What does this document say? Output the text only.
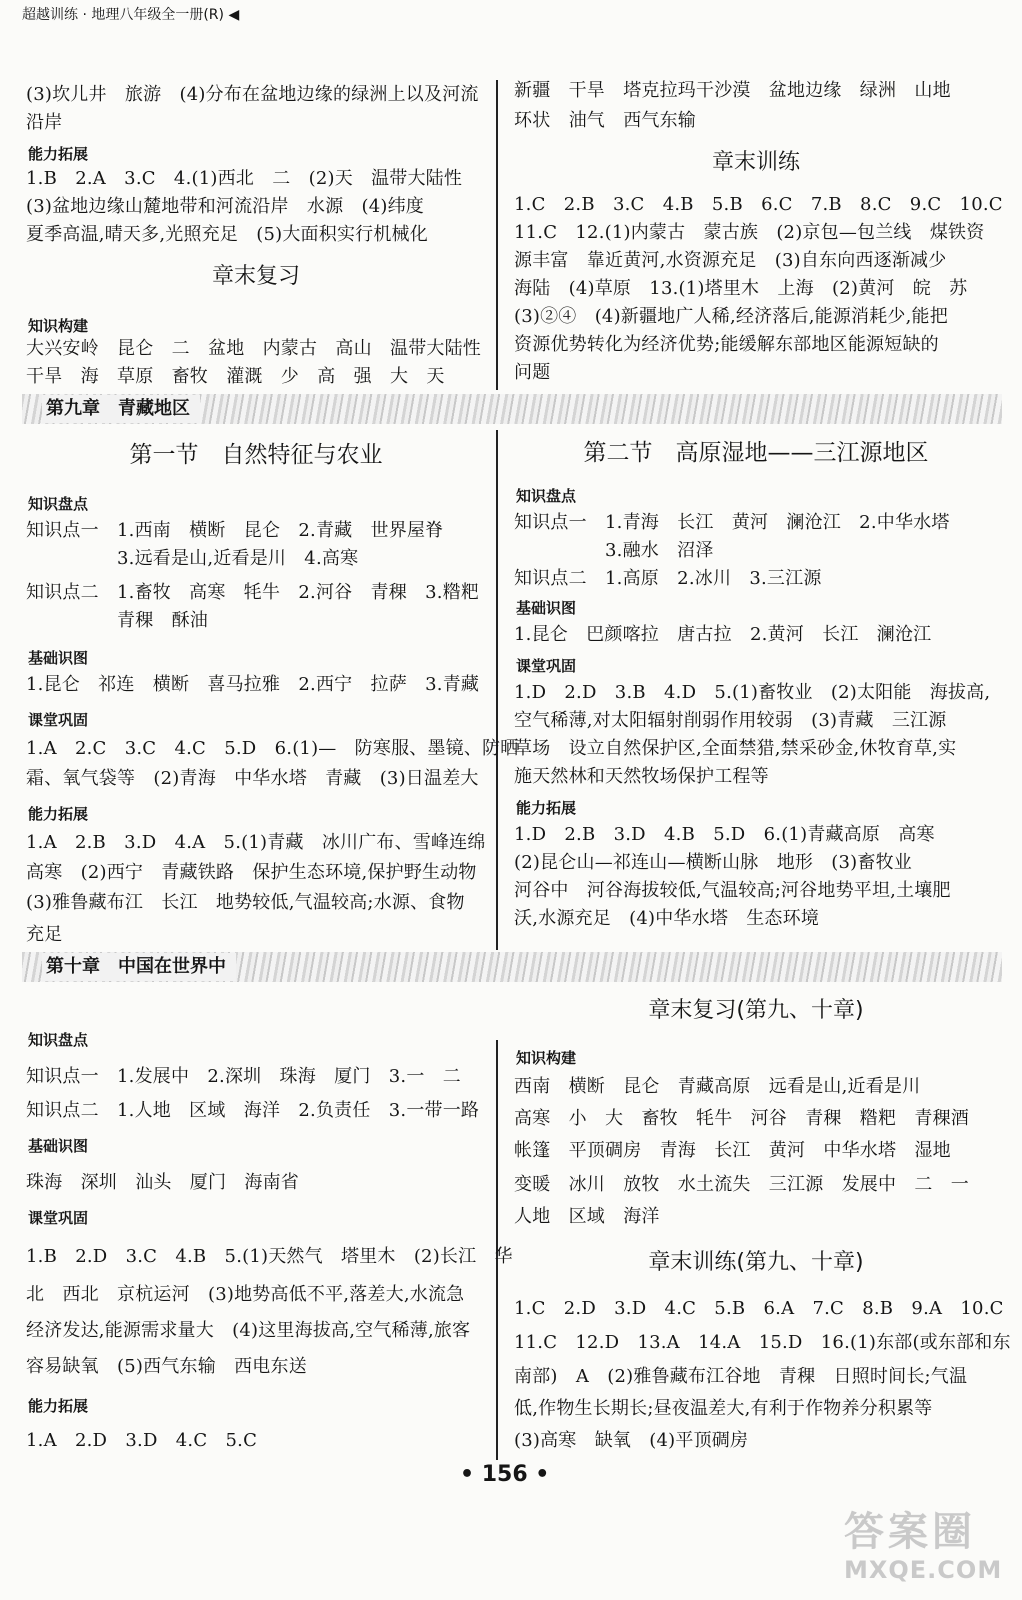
超越训练 · 地理八年级全一册(R) ◀
(3)坎儿井　旅游　(4)分布在盆地边缘的绿洲上以及河流
沿岸
能力拓展
1.B　2.A　3.C　4.(1)西北　二　(2)天　温带大陆性
(3)盆地边缘山麓地带和河流沿岸　水源　(4)纬度
夏季高温,晴天多,光照充足　(5)大面积实行机械化
章末复习
知识构建
大兴安岭　昆仑　二　盆地　内蒙古　高山　温带大陆性
干旱　海　草原　畜牧　灌溉　少　高　强　大　天
新疆　干旱　塔克拉玛干沙漠　盆地边缘　绿洲　山地
环状　油气　西气东输
章末训练
1.C　2.B　3.C　4.B　5.B　6.C　7.B　8.C　9.C　10.C
11.C　12.(1)内蒙古　蒙古族　(2)京包—包兰线　煤铁资
源丰富　靠近黄河,水资源充足　(3)自东向西逐渐减少
海陆　(4)草原　13.(1)塔里木　上海　(2)黄河　皖　苏
(3)②④　(4)新疆地广人稀,经济落后,能源消耗少,能把
资源优势转化为经济优势;能缓解东部地区能源短缺的
问题
第九章　青藏地区
第一节　自然特征与农业
知识盘点
知识点一　1.西南　横断　昆仑　2.青藏　世界屋脊
　　　　　3.远看是山,近看是川　4.高寒
知识点二　1.畜牧　高寒　牦牛　2.河谷　青稞　3.糌粑
　　　　　青稞　酥油
基础识图
1.昆仑　祁连　横断　喜马拉雅　2.西宁　拉萨　3.青藏
课堂巩固
1.A　2.C　3.C　4.C　5.D　6.(1)—　防寒服、墨镜、防晒
霜、氧气袋等　(2)青海　中华水塔　青藏　(3)日温差大
能力拓展
1.A　2.B　3.D　4.A　5.(1)青藏　冰川广布、雪峰连绵
高寒　(2)西宁　青藏铁路　保护生态环境,保护野生动物
(3)雅鲁藏布江　长江　地势较低,气温较高;水源、食物
充足
第二节　高原湿地——三江源地区
知识盘点
知识点一　1.青海　长江　黄河　澜沧江　2.中华水塔
　　　　　3.融水　沼泽
知识点二　1.高原　2.冰川　3.三江源
基础识图
1.昆仑　巴颜喀拉　唐古拉　2.黄河　长江　澜沧江
课堂巩固
1.D　2.D　3.B　4.D　5.(1)畜牧业　(2)太阳能　海拔高,
空气稀薄,对太阳辐射削弱作用较弱　(3)青藏　三江源
草场　设立自然保护区,全面禁猎,禁采砂金,休牧育草,实
施天然林和天然牧场保护工程等
能力拓展
1.D　2.B　3.D　4.B　5.D　6.(1)青藏高原　高寒
(2)昆仑山—祁连山—横断山脉　地形　(3)畜牧业
河谷中　河谷海拔较低,气温较高;河谷地势平坦,土壤肥
沃,水源充足　(4)中华水塔　生态环境
第十章　中国在世界中
知识盘点
知识点一　1.发展中　2.深圳　珠海　厦门　3.一　二
知识点二　1.人地　区域　海洋　2.负责任　3.一带一路
基础识图
珠海　深圳　汕头　厦门　海南省
课堂巩固
1.B　2.D　3.C　4.B　5.(1)天然气　塔里木　(2)长江　华
北　西北　京杭运河　(3)地势高低不平,落差大,水流急
经济发达,能源需求量大　(4)这里海拔高,空气稀薄,旅客
容易缺氧　(5)西气东输　西电东送
能力拓展
1.A　2.D　3.D　4.C　5.C
章末复习(第九、十章)
知识构建
西南　横断　昆仑　青藏高原　远看是山,近看是川
高寒　小　大　畜牧　牦牛　河谷　青稞　糌粑　青稞酒
帐篷　平顶碉房　青海　长江　黄河　中华水塔　湿地
变暖　冰川　放牧　水土流失　三江源　发展中　二　一
人地　区域　海洋
章末训练(第九、十章)
1.C　2.D　3.D　4.C　5.B　6.A　7.C　8.B　9.A　10.C
11.C　12.D　13.A　14.A　15.D　16.(1)东部(或东部和东
南部)　A　(2)雅鲁藏布江谷地　青稞　日照时间长;气温
低,作物生长期长;昼夜温差大,有利于作物养分积累等
(3)高寒　缺氧　(4)平顶碉房
• 156 •
答案圈
MXQE.COM
